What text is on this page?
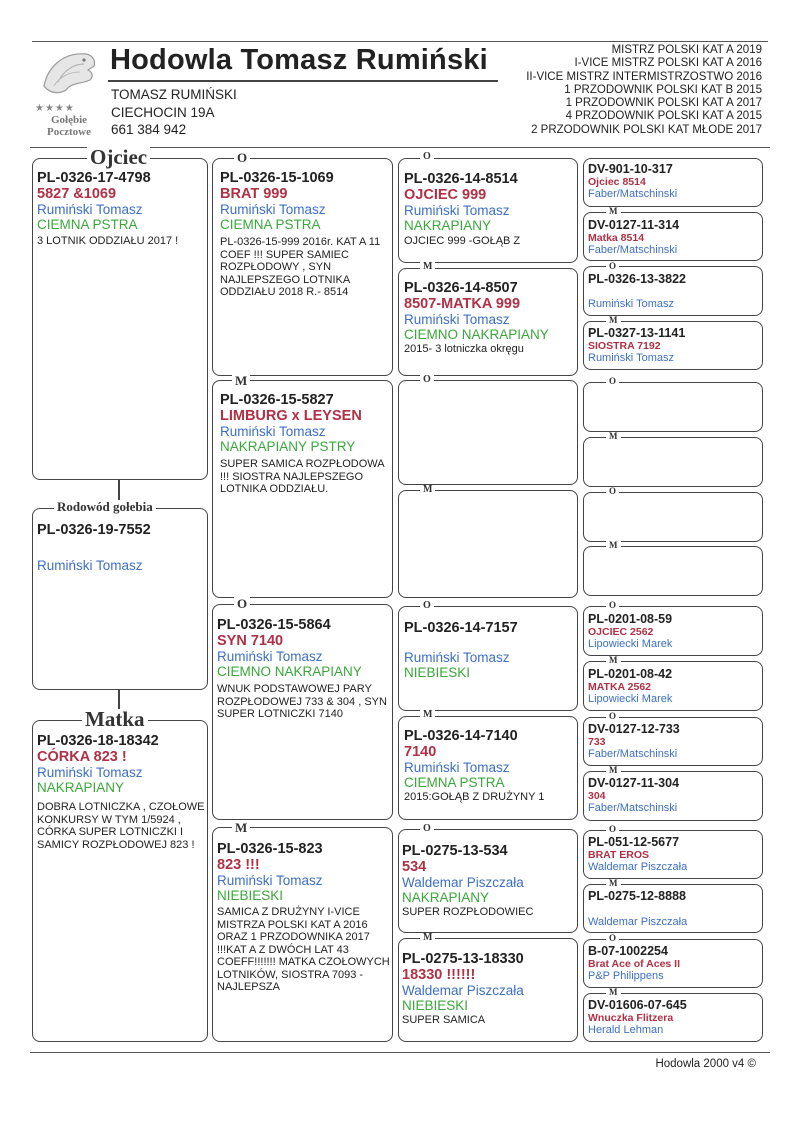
★★★★
Gołębie
Pocztowe
Hodowla Tomasz Rumiński
TOMASZ RUMIŃSKI
CIECHOCIN 19A
661 384 942
MISTRZ POLSKI KAT A 2019
I-VICE MISTRZ POLSKI KAT A 2016
II-VICE MISTRZ INTERMISTRZOSTWO 2016
1 PRZODOWNIK POLSKI KAT B 2015
1 PRZODOWNIK POLSKI KAT A 2017
4 PRZODOWNIK POLSKI KAT A 2015
2 PRZODOWNIK POLSKI KAT MŁODE 2017
PL-0326-17-4798
5827 &1069
Rumiński Tomasz
CIEMNA PSTRA
3 LOTNIK ODDZIAŁU 2017 !
Ojciec
PL-0326-19-7552
Rumiński Tomasz
Rodowód gołebia
PL-0326-18-18342
CÓRKA 823 !
Rumiński Tomasz
NAKRAPIANY
DOBRA LOTNICZKA , CZOŁOWE KONKURSY W TYM 1/5924 , CÓRKA SUPER LOTNICZKI I SAMICY ROZPŁODOWEJ 823 !
Matka
PL-0326-15-1069
BRAT 999
Rumiński Tomasz
CIEMNA PSTRA
PL-0326-15-999 2016r. KAT A 11 COEF !!! SUPER SAMIEC ROZPŁODOWY , SYN NAJLEPSZEGO LOTNIKA ODDZIAŁU 2018 R.- 8514
O
PL-0326-15-5827
LIMBURG x LEYSEN
Rumiński Tomasz
NAKRAPIANY PSTRY
SUPER SAMICA ROZPŁODOWA !!! SIOSTRA NAJLEPSZEGO LOTNIKA ODDZIAŁU.
M
PL-0326-15-5864
SYN 7140
Rumiński Tomasz
CIEMNO NAKRAPIANY
WNUK PODSTAWOWEJ PARY ROZPŁODOWEJ 733 & 304 , SYN SUPER LOTNICZKI 7140
O
PL-0326-15-823
823 !!!
Rumiński Tomasz
NIEBIESKI
SAMICA Z DRUŻYNY I-VICE MISTRZA POLSKI KAT A 2016 ORAZ 1 PRZODOWNIKA 2017 !!!KAT A Z DWÓCH LAT 43 COEFF!!!!!!! MATKA CZOŁOWYCH LOTNIKÓW, SIOSTRA 7093 -NAJLEPSZA
M
PL-0326-14-8514
OJCIEC 999
Rumiński Tomasz
NAKRAPIANY
OJCIEC 999 -GOŁĄB Z
O
PL-0326-14-8507
8507-MATKA 999
Rumiński Tomasz
CIEMNO NAKRAPIANY
2015- 3 lotniczka okręgu
M
O
M
PL-0326-14-7157
Rumiński Tomasz
NIEBIESKI
O
PL-0326-14-7140
7140
Rumiński Tomasz
CIEMNA PSTRA
2015:GOŁĄB Z DRUŻYNY 1
M
PL-0275-13-534
534
Waldemar Piszczała
NAKRAPIANY
SUPER ROZPŁODOWIEC
O
PL-0275-13-18330
18330 !!!!!!
Waldemar Piszczała
NIEBIESKI
SUPER SAMICA
M
DV-901-10-317
Ojciec 8514
Faber/Matschinski
DV-0127-11-314
Matka 8514
Faber/Matschinski
M
PL-0326-13-3822
Rumiński Tomasz
O
PL-0327-13-1141
SIOSTRA 7192
Rumiński Tomasz
M
O
M
O
M
PL-0201-08-59
OJCIEC 2562
Lipowiecki Marek
O
PL-0201-08-42
MATKA 2562
Lipowiecki Marek
M
DV-0127-12-733
733
Faber/Matschinski
O
DV-0127-11-304
304
Faber/Matschinski
M
PL-051-12-5677
BRAT EROS
Waldemar Piszczała
O
PL-0275-12-8888
Waldemar Piszczała
M
B-07-1002254
Brat Ace of Aces II
P&P Philippens
O
DV-01606-07-645
Wnuczka Flitzera
Herald Lehman
M
Hodowla 2000 v4 ©
